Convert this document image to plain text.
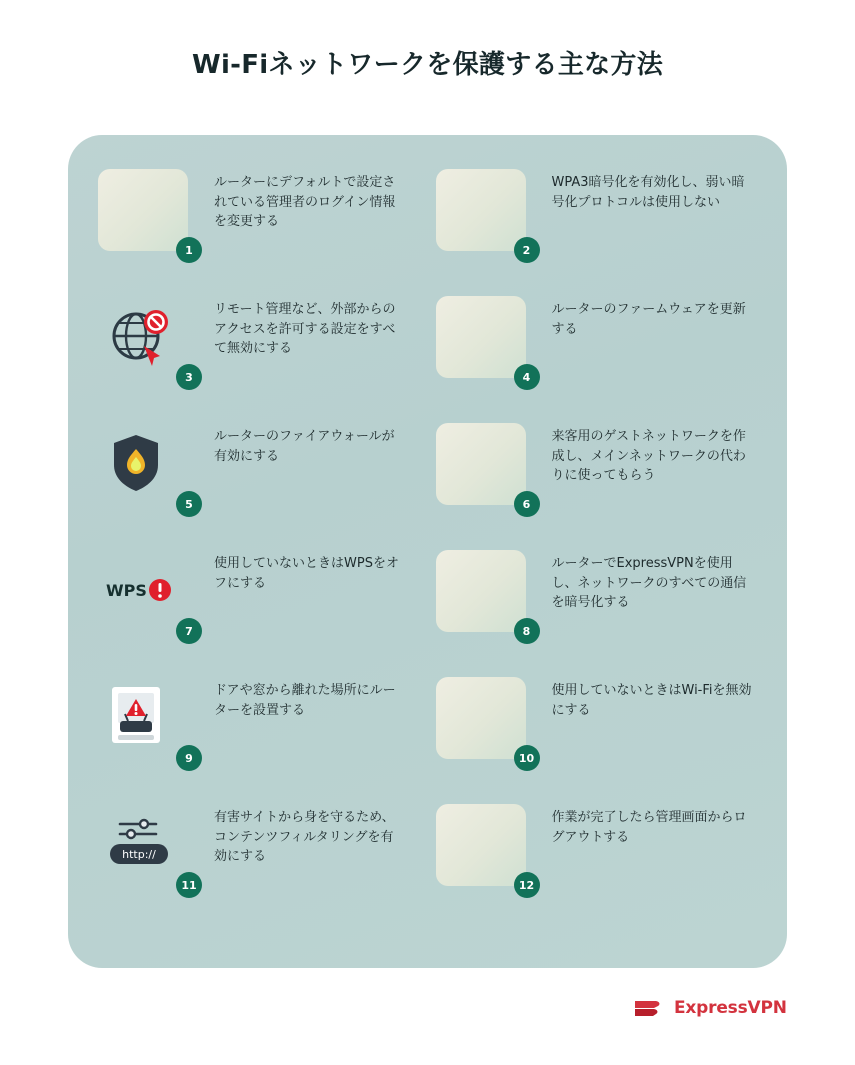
Wi-Fiネットワークを保護する主な方法
1
ルーターにデフォルトで設定されている管理者のログイン情報を変更する
2
WPA3暗号化を有効化し、弱い暗号化プロトコルは使用しない
3
リモート管理など、外部からのアクセスを許可する設定をすべて無効にする
4
ルーターのファームウェアを更新する
5
ルーターのファイアウォールが有効にする
6
来客用のゲストネットワークを作成し、メインネットワークの代わりに使ってもらう
WPS
7
使用していないときはWPSをオフにする
8
ルーターでExpressVPNを使用し、ネットワークのすべての通信を暗号化する
9
ドアや窓から離れた場所にルーターを設置する
10
使用していないときはWi-Fiを無効にする
http://
11
有害サイトから身を守るため、コンテンツフィルタリングを有効にする
12
作業が完了したら管理画面からログアウトする
ExpressVPN
